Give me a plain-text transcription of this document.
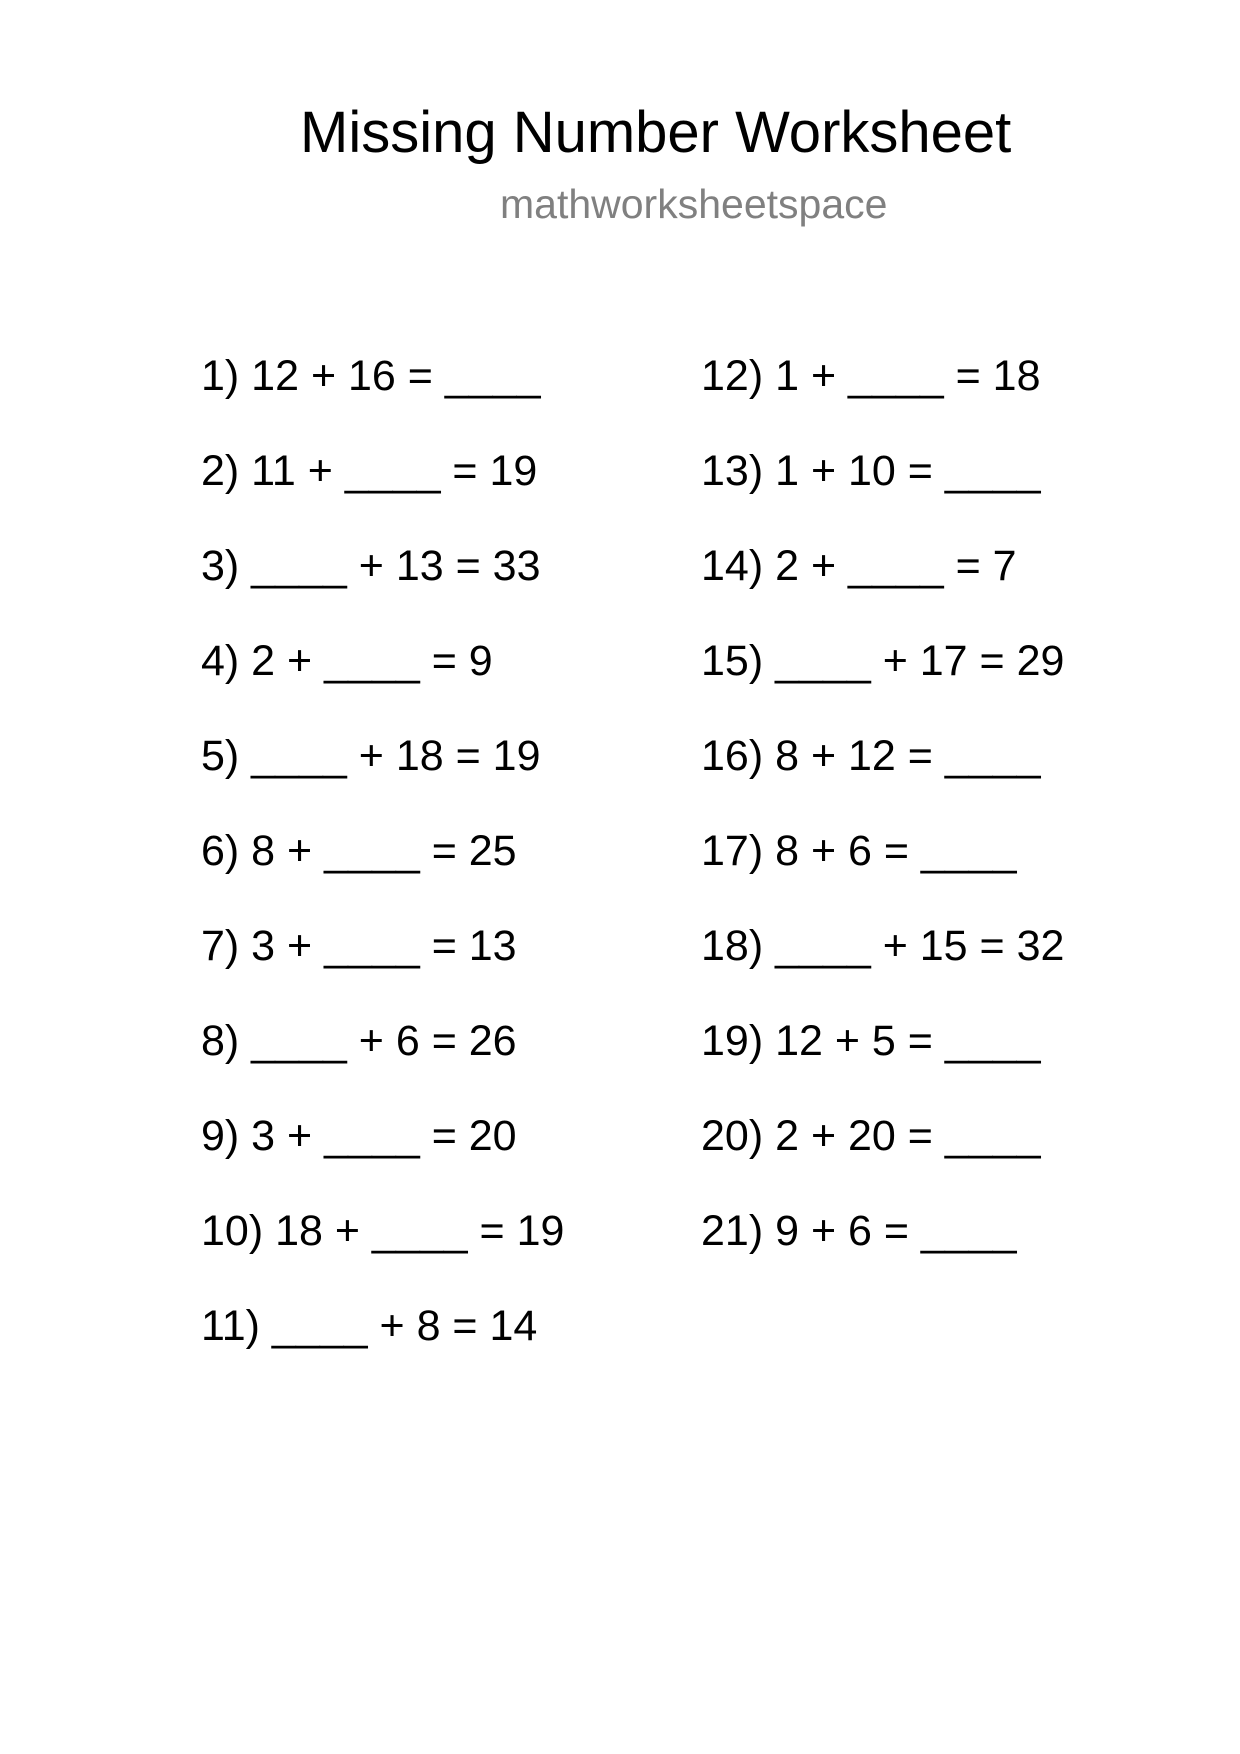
Missing Number Worksheet
mathworksheetspace
1) 12 + 16 = ____
2) 11 + ____ = 19
3) ____ + 13 = 33
4) 2 + ____ = 9
5) ____ + 18 = 19
6) 8 + ____ = 25
7) 3 + ____ = 13
8) ____ + 6 = 26
9) 3 + ____ = 20
10) 18 + ____ = 19
11) ____ + 8 = 14
12) 1 + ____ = 18
13) 1 + 10 = ____
14) 2 + ____ = 7
15) ____ + 17 = 29
16) 8 + 12 = ____
17) 8 + 6 = ____
18) ____ + 15 = 32
19) 12 + 5 = ____
20) 2 + 20 = ____
21) 9 + 6 = ____
